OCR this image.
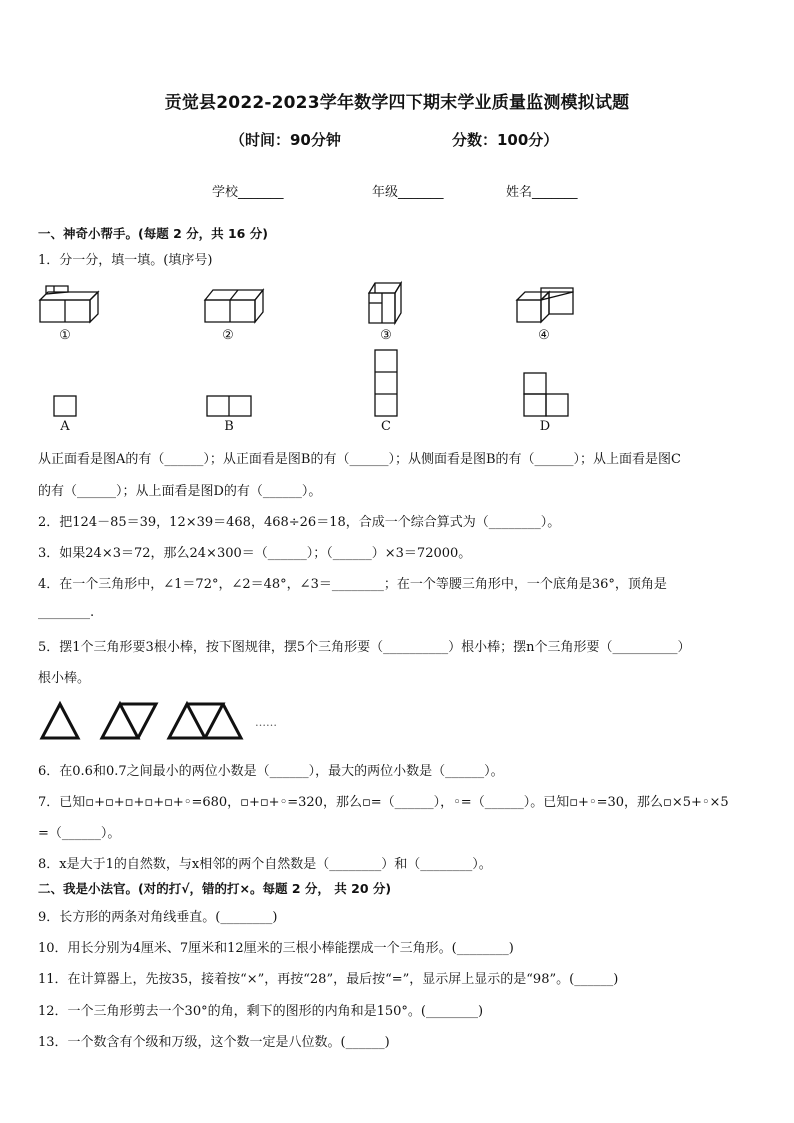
贡觉县2022-2023学年数学四下期末学业质量监测模拟试题
（时间：90分钟	分数：100分）
学校_______	年级_______	姓名_______
一、神奇小帮手。(每题 2 分，共 16 分)
1．分一分，填一填。(填序号)
①	②	③	④
A	B	C	D
从正面看是图A的有（______）；从正面看是图B的有（______）；从侧面看是图B的有（______）；从上面看是图C
的有（______）；从上面看是图D的有（______）。
2．把124－85＝39，12×39＝468，468÷26＝18，合成一个综合算式为（________）。
3．如果24×3＝72，那么24×300＝（______）；（______）×3＝72000。
4．在一个三角形中，∠1＝72°，∠2＝48°，∠3＝________；在一个等腰三角形中，一个底角是36°，顶角是
________.
5．摆1个三角形要3根小棒，按下图规律，摆5个三角形要（__________）根小棒；摆n个三角形要（__________）
根小棒。
……
6．在0.6和0.7之间最小的两位小数是（______），最大的两位小数是（______）。
7．已知▫+▫+▫+▫+▫+◦=680，▫+▫+◦=320，那么▫=（______），◦=（______）。已知▫+◦=30，那么▫×5+◦×5
=（______）。
8．x是大于1的自然数，与x相邻的两个自然数是（________）和（________）。
二、我是小法官。(对的打√，错的打×。每题 2 分， 共 20 分)
9．长方形的两条对角线垂直。(________)
10．用长分别为4厘米、7厘米和12厘米的三根小棒能摆成一个三角形。(________)
11．在计算器上，先按35，接着按“×”，再按“28”，最后按“=”，显示屏上显示的是“98”。(______)
12．一个三角形剪去一个30°的角，剩下的图形的内角和是150°。(________)
13．一个数含有个级和万级，这个数一定是八位数。(______)
